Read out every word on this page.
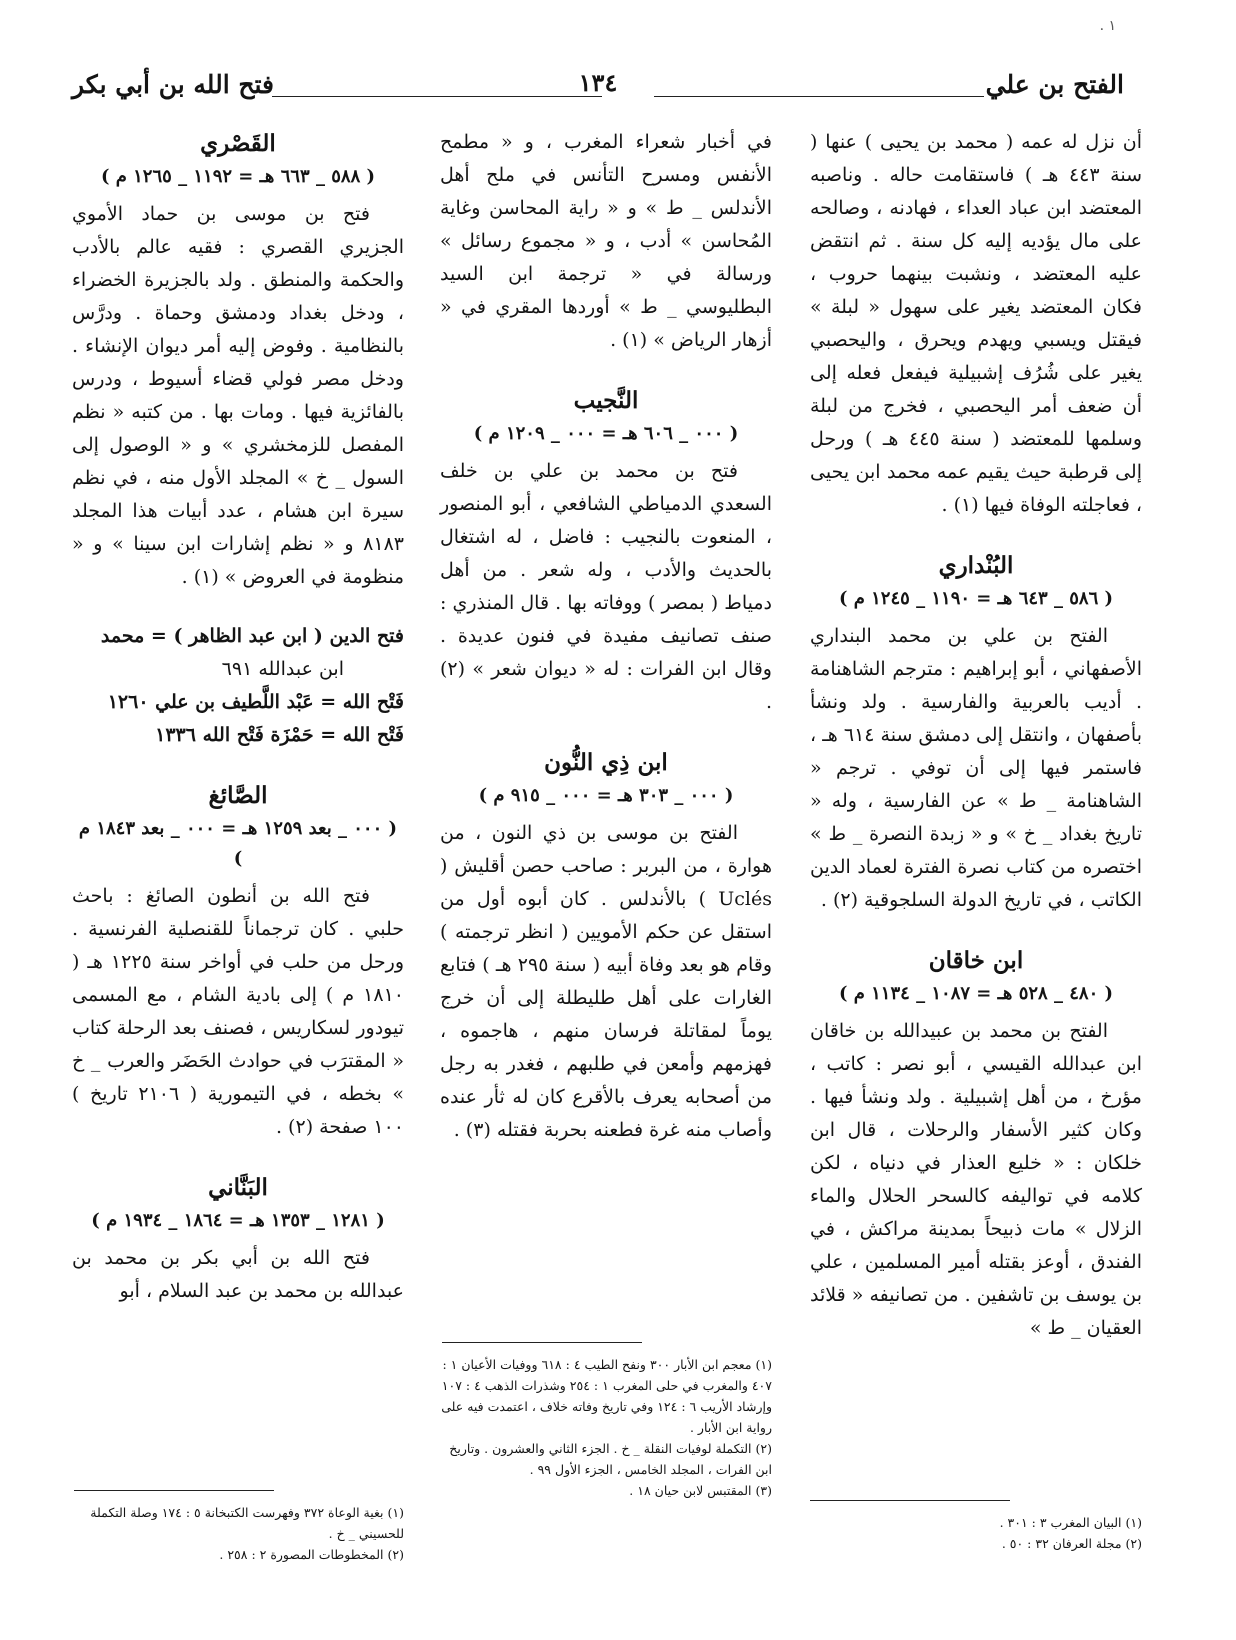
١ .
الفتح بن علي
١٣٤
فتح الله بن أبي بكر

أن نزل له عمه ( محمد بن يحيى ) عنها ( سنة ٤٤٣ هـ ) فاستقامت حاله . وناصبه المعتضد ابن عباد العداء ، فهادنه ، وصالحه على مال يؤديه إليه كل سنة . ثم انتقض عليه المعتضد ، ونشبت بينهما حروب ، فكان المعتضد يغير على سهول « لبلة » فيقتل ويسبي ويهدم ويحرق ، واليحصبي يغير على شُرُف إشبيلية فيفعل فعله إلى أن ضعف أمر اليحصبي ، فخرج من لبلة وسلمها للمعتضد ( سنة ٤٤٥ هـ ) ورحل إلى قرطبة حيث يقيم عمه محمد ابن يحيى ، فعاجلته الوفاة فيها (١) .

البُنْداري

( ٥٨٦ _ ٦٤٣ هـ = ١١٩٠ _ ١٢٤٥ م )

الفتح بن علي بن محمد البنداري الأصفهاني ، أبو إبراهيم : مترجم الشاهنامة . أديب بالعربية والفارسية . ولد ونشأ بأصفهان ، وانتقل إلى دمشق سنة ٦١٤ هـ ، فاستمر فيها إلى أن توفي . ترجم « الشاهنامة _ ط » عن الفارسية ، وله « تاريخ بغداد _ خ » و « زبدة النصرة _ ط » اختصره من كتاب نصرة الفترة لعماد الدين الكاتب ، في تاريخ الدولة السلجوقية (٢) .

ابن خاقان

( ٤٨٠ _ ٥٢٨ هـ = ١٠٨٧ _ ١١٣٤ م )

الفتح بن محمد بن عبيدالله بن خاقان ابن عبدالله القيسي ، أبو نصر : كاتب ، مؤرخ ، من أهل إشبيلية . ولد ونشأ فيها . وكان كثير الأسفار والرحلات ، قال ابن خلكان : « خليع العذار في دنياه ، لكن كلامه في تواليفه كالسحر الحلال والماء الزلال » مات ذبيحاً بمدينة مراكش ، في الفندق ، أوعز بقتله أمير المسلمين ، علي بن يوسف بن تاشفين . من تصانيفه « قلائد العقيان _ ط »

(١) البيان المغرب ٣ : ٣٠١ .

(٢) مجلة العرفان ٣٢ : ٥٠ .

في أخبار شعراء المغرب ، و « مطمح الأنفس ومسرح التأنس في ملح أهل الأندلس _ ط » و « راية المحاسن وغاية المُحاسن » أدب ، و « مجموع رسائل » ورسالة في « ترجمة ابن السيد البطليوسي _ ط » أوردها المقري في « أزهار الرياض » (١) .

النَّجيب

( ٠٠٠ _ ٦٠٦ هـ = ٠٠٠ _ ١٢٠٩ م )

فتح بن محمد بن علي بن خلف السعدي الدمياطي الشافعي ، أبو المنصور ، المنعوت بالنجيب : فاضل ، له اشتغال بالحديث والأدب ، وله شعر . من أهل دمياط ( بمصر ) ووفاته بها . قال المنذري : صنف تصانيف مفيدة في فنون عديدة . وقال ابن الفرات : له « ديوان شعر » (٢) .

ابن ذِي النُّون

( ٠٠٠ _ ٣٠٣ هـ = ٠٠٠ _ ٩١٥ م )

الفتح بن موسى بن ذي النون ، من هوارة ، من البربر : صاحب حصن أقليش ( Uclés ) بالأندلس . كان أبوه أول من استقل عن حكم الأمويين ( انظر ترجمته ) وقام هو بعد وفاة أبيه ( سنة ٢٩٥ هـ ) فتابع الغارات على أهل طليطلة إلى أن خرج يوماً لمقاتلة فرسان منهم ، هاجموه ، فهزمهم وأمعن في طلبهم ، فغدر به رجل من أصحابه يعرف بالأقرع كان له ثأر عنده وأصاب منه غرة فطعنه بحربة فقتله (٣) .

(١) معجم ابن الأبار ٣٠٠ ونفح الطيب ٤ : ٦١٨ ووفيات الأعيان ١ : ٤٠٧ والمغرب في حلى المغرب ١ : ٢٥٤ وشذرات الذهب ٤ : ١٠٧ وإرشاد الأريب ٦ : ١٢٤ وفي تاريخ وفاته خلاف ، اعتمدت فيه على رواية ابن الأبار .

(٢) التكملة لوفيات النقلة _ خ . الجزء الثاني والعشرون . وتاريخ ابن الفرات ، المجلد الخامس ، الجزء الأول ٩٩ .

(٣) المقتبس لابن حيان ١٨ .

القَصْري

( ٥٨٨ _ ٦٦٣ هـ = ١١٩٢ _ ١٢٦٥ م )

فتح بن موسى بن حماد الأموي الجزيري القصري : فقيه عالم بالأدب والحكمة والمنطق . ولد بالجزيرة الخضراء ، ودخل بغداد ودمشق وحماة . ودرَّس بالنظامية . وفوض إليه أمر ديوان الإنشاء . ودخل مصر فولي قضاء أسيوط ، ودرس بالفائزية فيها . ومات بها . من كتبه « نظم المفصل للزمخشري » و « الوصول إلى السول _ خ » المجلد الأول منه ، في نظم سيرة ابن هشام ، عدد أبيات هذا المجلد ٨١٨٣ و « نظم إشارات ابن سينا » و « منظومة في العروض » (١) .

فتح الدين ( ابن عبد الظاهر ) = محمد

ابن عبدالله ٦٩١

فَتْح الله = عَبْد اللَّطيف بن علي ١٢٦٠

فَتْح الله = حَمْزَة فَتْح الله ١٣٣٦

الصَّائغ

( ٠٠٠ _ بعد ١٢٥٩ هـ = ٠٠٠ _ بعد ١٨٤٣ م )

فتح الله بن أنطون الصائغ : باحث حلبي . كان ترجماناً للقنصلية الفرنسية . ورحل من حلب في أواخر سنة ١٢٢٥ هـ ( ١٨١٠ م ) إلى بادية الشام ، مع المسمى تيودور لسكاريس ، فصنف بعد الرحلة كتاب « المقترَب في حوادث الحَضَر والعرب _ خ » بخطه ، في التيمورية ( ٢١٠٦ تاريخ ) ١٠٠ صفحة (٢) .

البَنَّاني

( ١٢٨١ _ ١٣٥٣ هـ = ١٨٦٤ _ ١٩٣٤ م )

فتح الله بن أبي بكر بن محمد بن عبدالله بن محمد بن عبد السلام ، أبو

(١) بغية الوعاة ٣٧٢ وفهرست الكتبخانة ٥ : ١٧٤ وصلة التكملة للحسيني _ خ .

(٢) المخطوطات المصورة ٢ : ٢٥٨ .
